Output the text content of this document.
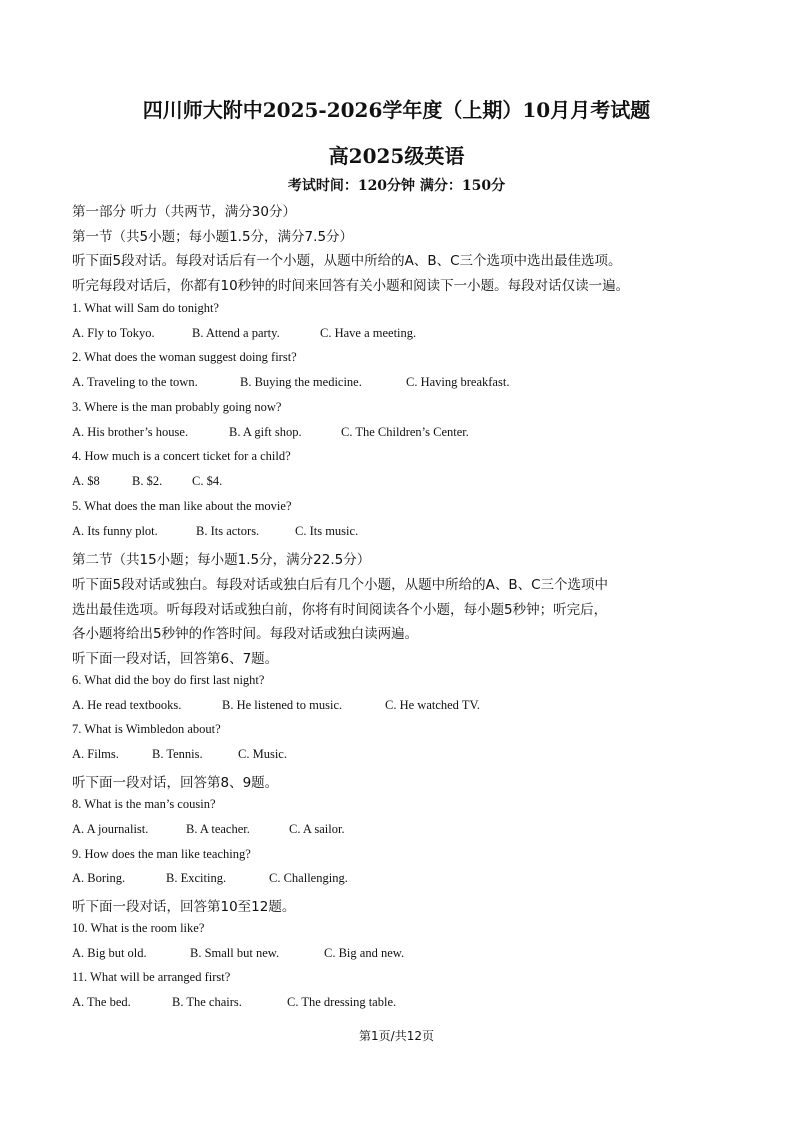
四川师大附中2025-2026学年度（上期）10月月考试题
高2025级英语
考试时间：120分钟 满分：150分
第一部分 听力（共两节，满分30分）
第一节（共5小题；每小题1.5分，满分7.5分）
听下面5段对话。每段对话后有一个小题，从题中所给的A、B、C三个选项中选出最佳选项。
听完每段对话后，你都有10秒钟的时间来回答有关小题和阅读下一小题。每段对话仅读一遍。
1. What will Sam do tonight?
A. Fly to Tokyo.	B. Attend a party.	C. Have a meeting.
2. What does the woman suggest doing first?
A. Traveling to the town.	B. Buying the medicine.	C. Having breakfast.
3. Where is the man probably going now?
A. His brother’s house.	B. A gift shop.	C. The Children’s Center.
4. How much is a concert ticket for a child?
A. $8	B. $2. C. $4.
5. What does the man like about the movie?
A. Its funny plot.	B. Its actors.	C. Its music.
第二节（共15小题；每小题1.5分，满分22.5分）
听下面5段对话或独白。每段对话或独白后有几个小题，从题中所给的A、B、C三个选项中
选出最佳选项。听每段对话或独白前，你将有时间阅读各个小题，每小题5秒钟；听完后，
各小题将给出5秒钟的作答时间。每段对话或独白读两遍。
听下面一段对话，回答第6、7题。
6. What did the boy do first last night?
A. He read textbooks.	B. He listened to music.	C. He watched TV.
7. What is Wimbledon about?
A. Films.	B. Tennis.	C. Music.
听下面一段对话，回答第8、9题。
8. What is the man’s cousin?
A. A journalist.	B. A teacher.	C. A sailor.
9. How does the man like teaching?
A. Boring.	B. Exciting.	C. Challenging.
听下面一段对话，回答第10至12题。
10. What is the room like?
A. Big but old.	B. Small but new.	C. Big and new.
11. What will be arranged first?
A. The bed.	B. The chairs.	C. The dressing table.
第1页/共12页
